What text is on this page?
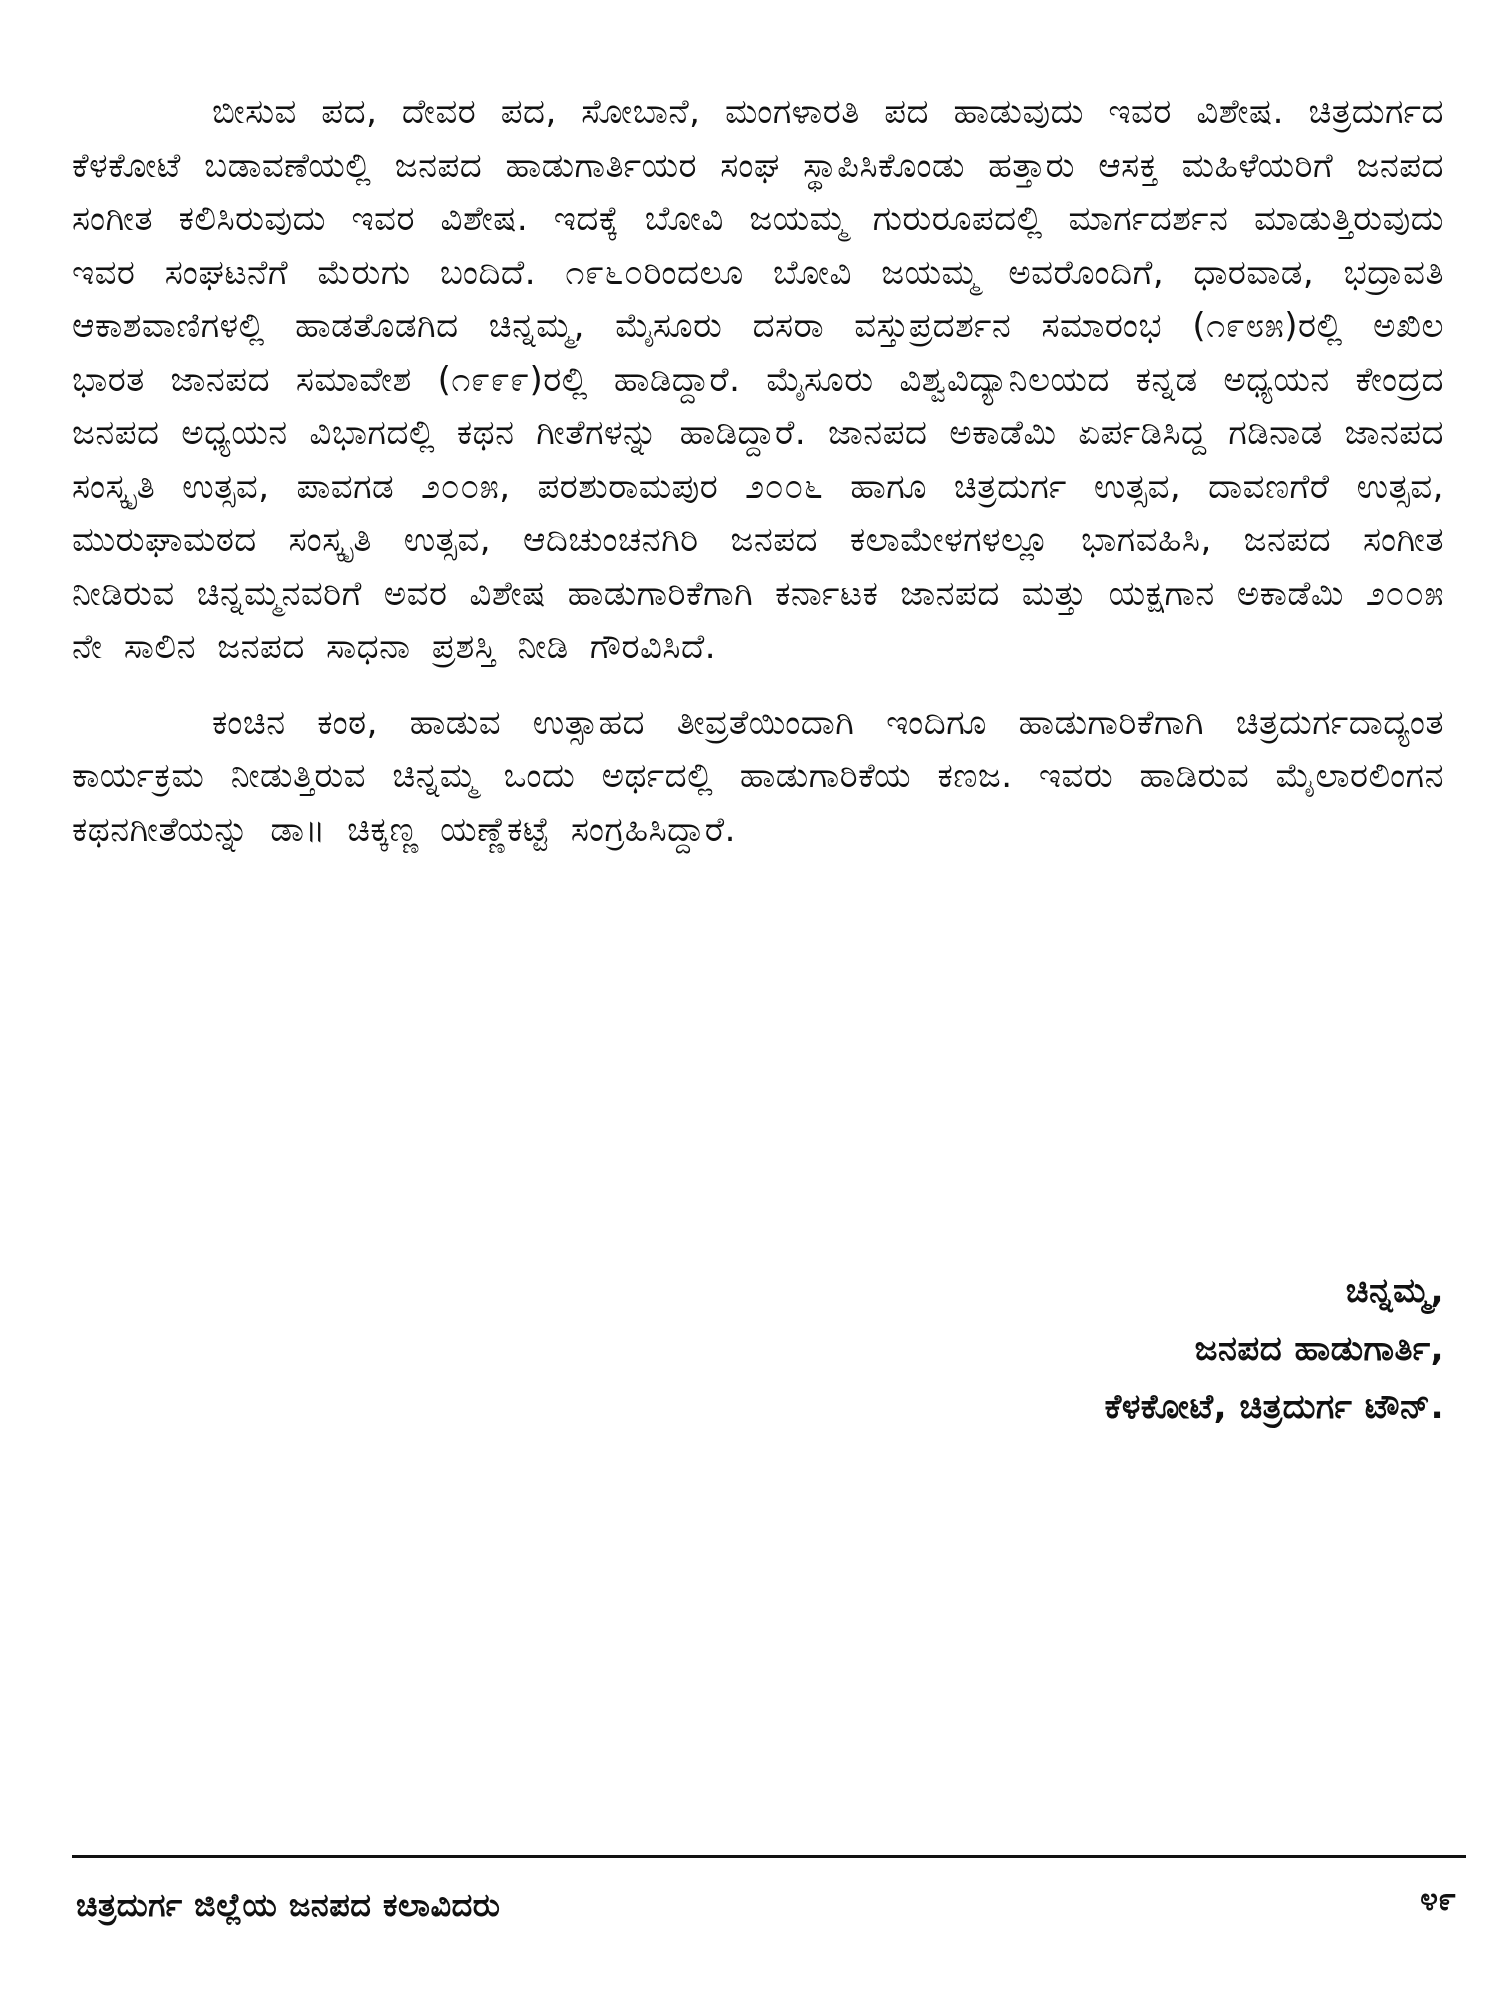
ಬೀಸುವ ಪದ, ದೇವರ ಪದ, ಸೋಬಾನೆ, ಮಂಗಳಾರತಿ ಪದ ಹಾಡುವುದು ಇವರ ವಿಶೇಷ. ಚಿತ್ರದುರ್ಗದ ಕೆಳಕೋಟೆ ಬಡಾವಣೆಯಲ್ಲಿ ಜನಪದ ಹಾಡುಗಾರ್ತಿಯರ ಸಂಘ ಸ್ಥಾಪಿಸಿಕೊಂಡು ಹತ್ತಾರು ಆಸಕ್ತ ಮಹಿಳೆಯರಿಗೆ ಜನಪದ ಸಂಗೀತ ಕಲಿಸಿರುವುದು ಇವರ ವಿಶೇಷ. ಇದಕ್ಕೆ ಬೋವಿ ಜಯಮ್ಮ ಗುರುರೂಪದಲ್ಲಿ ಮಾರ್ಗದರ್ಶನ ಮಾಡುತ್ತಿರುವುದು ಇವರ ಸಂಘಟನೆಗೆ ಮೆರುಗು ಬಂದಿದೆ. ೧೯೬೦ರಿಂದಲೂ ಬೋವಿ ಜಯಮ್ಮ ಅವರೊಂದಿಗೆ, ಧಾರವಾಡ, ಭದ್ರಾವತಿ ಆಕಾಶವಾಣಿಗಳಲ್ಲಿ ಹಾಡತೊಡಗಿದ ಚಿನ್ನಮ್ಮ, ಮೈಸೂರು ದಸರಾ ವಸ್ತುಪ್ರದರ್ಶನ ಸಮಾರಂಭ (೧೯೮೫)ರಲ್ಲಿ ಅಖಿಲ ಭಾರತ ಜಾನಪದ ಸಮಾವೇಶ (೧೯೯೯)ರಲ್ಲಿ ಹಾಡಿದ್ದಾರೆ. ಮೈಸೂರು ವಿಶ್ವವಿದ್ಯಾನಿಲಯದ ಕನ್ನಡ ಅಧ್ಯಯನ ಕೇಂದ್ರದ ಜನಪದ ಅಧ್ಯಯನ ವಿಭಾಗದಲ್ಲಿ ಕಥನ ಗೀತೆಗಳನ್ನು ಹಾಡಿದ್ದಾರೆ. ಜಾನಪದ ಅಕಾಡೆಮಿ ಏರ್ಪಡಿಸಿದ್ದ ಗಡಿನಾಡ ಜಾನಪದ ಸಂಸ್ಕೃತಿ ಉತ್ಸವ, ಪಾವಗಡ ೨೦೦೫, ಪರಶುರಾಮಪುರ ೨೦೦೬ ಹಾಗೂ ಚಿತ್ರದುರ್ಗ ಉತ್ಸವ, ದಾವಣಗೆರೆ ಉತ್ಸವ, ಮುರುಘಾಮಠದ ಸಂಸ್ಕೃತಿ ಉತ್ಸವ, ಆದಿಚುಂಚನಗಿರಿ ಜನಪದ ಕಲಾಮೇಳಗಳಲ್ಲೂ ಭಾಗವಹಿಸಿ, ಜನಪದ ಸಂಗೀತ ನೀಡಿರುವ ಚಿನ್ನಮ್ಮನವರಿಗೆ ಅವರ ವಿಶೇಷ ಹಾಡುಗಾರಿಕೆಗಾಗಿ ಕರ್ನಾಟಕ ಜಾನಪದ ಮತ್ತು ಯಕ್ಷಗಾನ ಅಕಾಡೆಮಿ ೨೦೦೫ ನೇ ಸಾಲಿನ ಜನಪದ ಸಾಧನಾ ಪ್ರಶಸ್ತಿ ನೀಡಿ ಗೌರವಿಸಿದೆ.

ಕಂಚಿನ ಕಂಠ, ಹಾಡುವ ಉತ್ಸಾಹದ ತೀವ್ರತೆಯಿಂದಾಗಿ ಇಂದಿಗೂ ಹಾಡುಗಾರಿಕೆಗಾಗಿ ಚಿತ್ರದುರ್ಗದಾದ್ಯಂತ ಕಾರ್ಯಕ್ರಮ ನೀಡುತ್ತಿರುವ ಚಿನ್ನಮ್ಮ ಒಂದು ಅರ್ಥದಲ್ಲಿ ಹಾಡುಗಾರಿಕೆಯ ಕಣಜ. ಇವರು ಹಾಡಿರುವ ಮೈಲಾರಲಿಂಗನ ಕಥನಗೀತೆಯನ್ನು ಡಾ॥ ಚಿಕ್ಕಣ್ಣ ಯಣ್ಣೆಕಟ್ಟೆ ಸಂಗ್ರಹಿಸಿದ್ದಾರೆ.

ಚಿನ್ನಮ್ಮ,
ಜನಪದ ಹಾಡುಗಾರ್ತಿ,
ಕೆಳಕೋಟೆ, ಚಿತ್ರದುರ್ಗ ಟೌನ್.
ಚಿತ್ರದುರ್ಗ ಜಿಲ್ಲೆಯ ಜನಪದ ಕಲಾವಿದರು	೪೯
